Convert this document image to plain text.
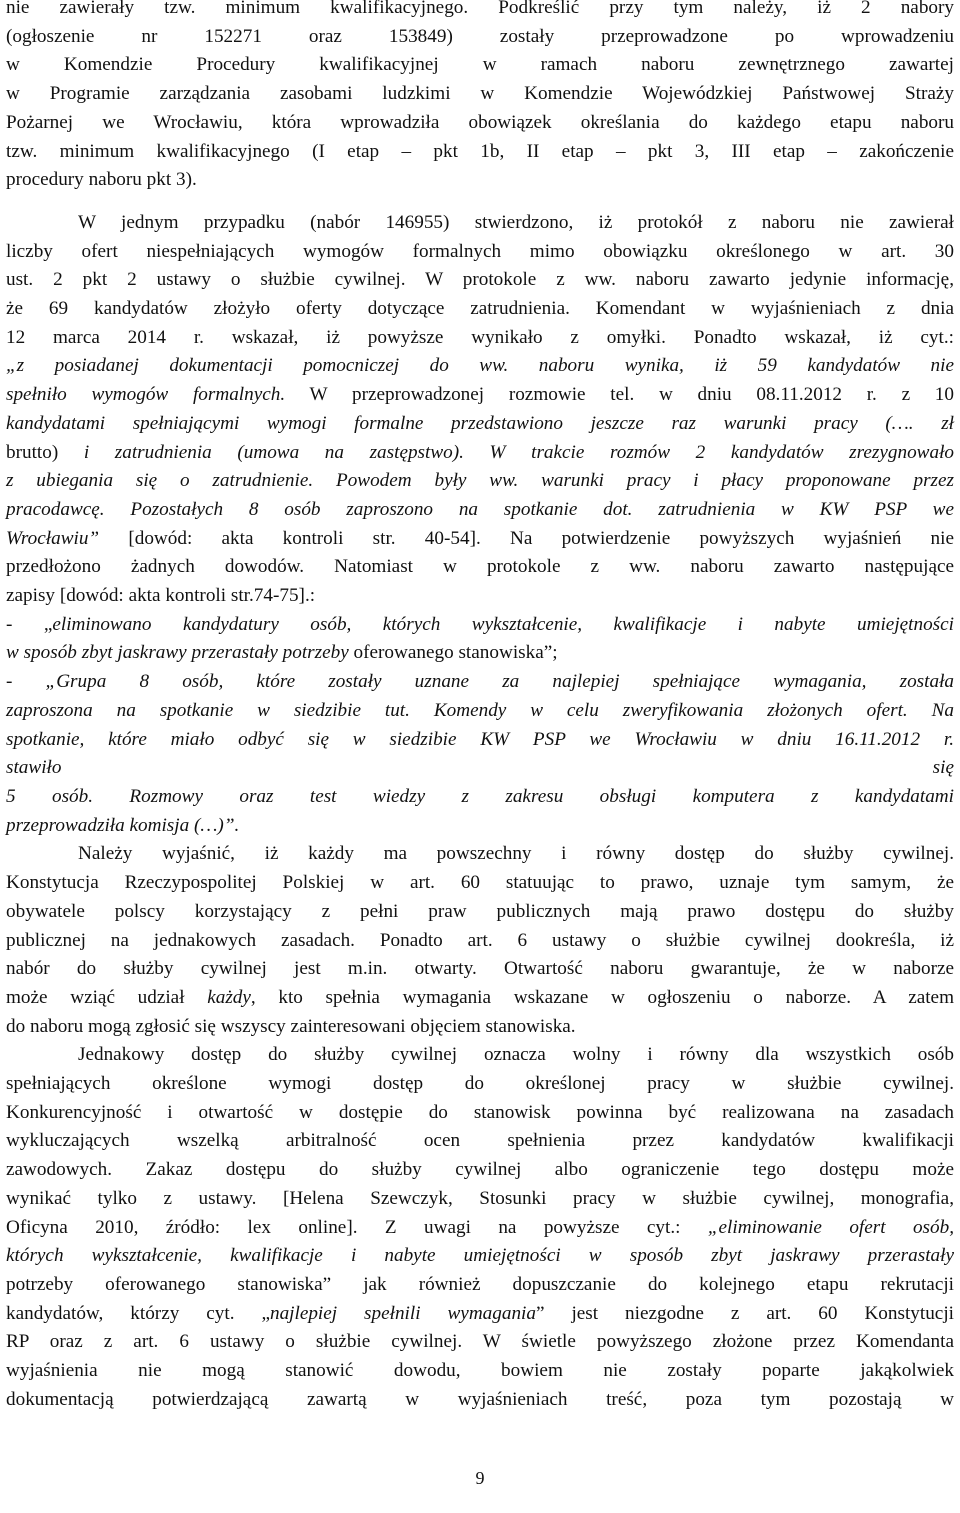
nie zawierały tzw. minimum kwalifikacyjnego. Podkreślić przy tym należy, iż 2 nabory
(ogłoszenie nr 152271 oraz 153849) zostały przeprowadzone po wprowadzeniu
w Komendzie Procedury kwalifikacyjnej w ramach naboru zewnętrznego zawartej
w Programie zarządzania zasobami ludzkimi w Komendzie Wojewódzkiej Państwowej Straży
Pożarnej we Wrocławiu, która wprowadziła obowiązek określania do każdego etapu naboru
tzw. minimum kwalifikacyjnego (I etap – pkt 1b, II etap – pkt 3, III etap – zakończenie
procedury naboru pkt 3).

W jednym przypadku (nabór 146955) stwierdzono, iż protokół z naboru nie zawierał
liczby ofert niespełniających wymogów formalnych mimo obowiązku określonego w art. 30
ust. 2 pkt 2 ustawy o służbie cywilnej. W protokole z ww. naboru zawarto jedynie informację,
że 69 kandydatów złożyło oferty dotyczące zatrudnienia. Komendant w wyjaśnieniach z dnia
12 marca 2014 r. wskazał, iż powyższe wynikało z omyłki. Ponadto wskazał, iż cyt.:
„z posiadanej dokumentacji pomocniczej do ww. naboru wynika, iż 59 kandydatów nie
spełniło wymogów formalnych. W przeprowadzonej rozmowie tel. w dniu 08.11.2012 r. z 10
kandydatami spełniającymi wymogi formalne przedstawiono jeszcze raz warunki pracy (…. zł
brutto) i zatrudnienia (umowa na zastępstwo). W trakcie rozmów 2 kandydatów zrezygnowało
z ubiegania się o zatrudnienie. Powodem były ww. warunki pracy i płacy proponowane przez
pracodawcę. Pozostałych 8 osób zaproszono na spotkanie dot. zatrudnienia w KW PSP we
Wrocławiu” [dowód: akta kontroli str. 40-54]. Na potwierdzenie powyższych wyjaśnień nie
przedłożono żadnych dowodów. Natomiast w protokole z ww. naboru zawarto następujące
zapisy [dowód: akta kontroli str.74-75].:
- „eliminowano kandydatury osób, których wykształcenie, kwalifikacje i nabyte umiejętności
w sposób zbyt jaskrawy przerastały potrzeby oferowanego stanowiska”;
- „Grupa 8 osób, które zostały uznane za najlepiej spełniające wymagania, została
zaproszona na spotkanie w siedzibie tut. Komendy w celu zweryfikowania złożonych ofert. Na
spotkanie, które miało odbyć się w siedzibie KW PSP we Wrocławiu w dniu 16.11.2012 r.
stawiło	się
5 osób. Rozmowy oraz test wiedzy z zakresu obsługi komputera z kandydatami
przeprowadziła komisja (…)”.

Należy wyjaśnić, iż każdy ma powszechny i równy dostęp do służby cywilnej.
Konstytucja Rzeczypospolitej Polskiej w art. 60 statuując to prawo, uznaje tym samym, że
obywatele polscy korzystający z pełni praw publicznych mają prawo dostępu do służby
publicznej na jednakowych zasadach. Ponadto art. 6 ustawy o służbie cywilnej dookreśla, iż
nabór do służby cywilnej jest m.in. otwarty. Otwartość naboru gwarantuje, że w naborze
może wziąć udział każdy, kto spełnia wymagania wskazane w ogłoszeniu o naborze. A zatem
do naboru mogą zgłosić się wszyscy zainteresowani objęciem stanowiska.

Jednakowy dostęp do służby cywilnej oznacza wolny i równy dla wszystkich osób
spełniających określone wymogi dostęp do określonej pracy w służbie cywilnej.
Konkurencyjność i otwartość w dostępie do stanowisk powinna być realizowana na zasadach
wykluczających wszelką arbitralność ocen spełnienia przez kandydatów kwalifikacji
zawodowych. Zakaz dostępu do służby cywilnej albo ograniczenie tego dostępu może
wynikać tylko z ustawy. [Helena Szewczyk, Stosunki pracy w służbie cywilnej, monografia,
Oficyna 2010, źródło: lex online]. Z uwagi na powyższe cyt.: „eliminowanie ofert osób,
których wykształcenie, kwalifikacje i nabyte umiejętności w sposób zbyt jaskrawy przerastały
potrzeby oferowanego stanowiska” jak również dopuszczanie do kolejnego etapu rekrutacji
kandydatów, którzy cyt. „najlepiej spełnili wymagania” jest niezgodne z art. 60 Konstytucji
RP oraz z art. 6 ustawy o służbie cywilnej. W świetle powyższego złożone przez Komendanta
wyjaśnienia nie mogą stanowić dowodu, bowiem nie zostały poparte jakąkolwiek
dokumentacją potwierdzającą zawartą w wyjaśnieniach treść, poza tym pozostają w

9
